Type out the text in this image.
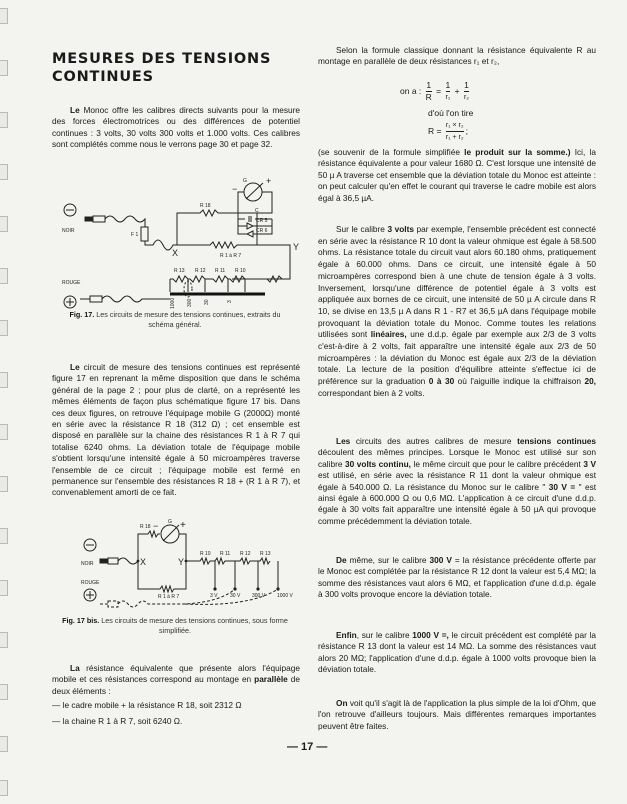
MESURES DES TENSIONS
CONTINUES

Le Monoc offre les calibres directs suivants pour la mesure des forces électromotrices ou des différences de potentiel continues : 3 volts, 30 volts 300 volts et 1.000 volts. Ces calibres sont complétés comme nous le verrons page 30 et page 32.

G
−
+
R 18
C
CR 5
CR 6
NOIR
F 1
X
Y
R 1 à R 7
R 13 R 12 R 11 R 10
ROUGE
1000 300 30	3
Fig. 17. Les circuits de mesure des tensions continues, extraits du schéma général.

Le circuit de mesure des tensions continues est représenté figure 17 en reprenant la même disposition que dans le schéma général de la page 2 ; pour plus de clarté, on a représenté les mêmes éléments de façon plus schématique figure 17 bis. Dans ces deux figures, on retrouve l'équipage mobile G (2000Ω) monté en série avec la résistance R 18 (312 Ω) ; cet ensemble est disposé en parallèle sur la chaine des résistances R 1 à R 7 qui totalise 6240 ohms. La déviation totale de l'équipage mobile s'obtient lorsqu'une intensité égale à 50 microampères traverse l'ensemble de ce circuit ; l'équipage mobile est fermé en permanence sur l'ensemble des résistances R 18 + (R 1 à R 7), et convenablement amorti de ce fait.

G
− +
R 18
NOIR	X	Y
R 1 à R 7
R 10 R 11 R 12 R 13
3 V 30 V 300 V 1000 V
ROUGE
Fig. 17 bis. Les circuits de mesure des tensions continues, sous forme simplifiée.

La résistance équivalente que présente alors l'équipage mobile et ces résistances correspond au montage en parallèle de deux éléments :

— le cadre mobile + la résistance R 18, soit 2312 Ω
— la chaine R 1 à R 7, soit 6240 Ω.

Selon la formule classique donnant la résistance équivalente R au montage en parallèle de deux résistances r₁ et r₂,

on a : $\frac{1}{R} = \frac{1}{\text{r₁}} + \frac{1}{\text{r₂}}$
d'où l'on tire
$R = \frac{\text{r₁ × r₂}}{\text{r₁ + r₂}}$ ;

(se souvenir de la formule simplifiée le produit sur la somme.) Ici, la résistance équivalente a pour valeur 1680 Ω. C'est lorsque une intensité de 50 µ A traverse cet ensemble que la déviation totale du Monoc est atteinte : on peut calculer qu'en effet le courant qui traverse le cadre mobile est alors égal à 36,5 µA.

Sur le calibre 3 volts par exemple, l'ensemble précédent est connecté en série avec la résistance R 10 dont la valeur ohmique est égale à 58.500 ohms. La résistance totale du circuit vaut alors 60.180 ohms, pratiquement égale à 60.000 ohms. Dans ce circuit, une intensité égale à 50 microampères correspond bien à une chute de tension égale à 3 volts. Inversement, lorsqu'une différence de potentiel égale à 3 volts est appliquée aux bornes de ce circuit, une intensité de 50 µ A circule dans R 10, se divise en 13,5 µ A dans R 1 - R7 et 36,5 µA dans l'équipage mobile provoquant la déviation totale du Monoc. Comme toutes les relations utilisées sont linéaires, une d.d.p. égale par exemple aux 2/3 de 3 volts c'est-à-dire à 2 volts, fait apparaître une intensité égale aux 2/3 de 50 microampères : la déviation du Monoc est égale aux 2/3 de la déviation totale. La lecture de la position d'équilibre atteinte s'effectue ici de préférence sur la graduation 0 à 30 où l'aiguille indique la chiffraison 20, correspondant bien à 2 volts.

Les circuits des autres calibres de mesure tensions continues découlent des mêmes principes. Lorsque le Monoc est utilisé sur son calibre 30 volts continu, le même circuit que pour le calibre précédent 3 V est utilisé, en série avec la résistance R 11 dont la valeur ohmique est égale à 540.000 Ω. La résistance du Monoc sur le calibre " 30 V = " est ainsi égale à 600.000 Ω ou 0,6 MΩ. L'application à ce circuit d'une d.d.p. égale à 30 volts fait apparaître une intensité égale à 50 µA qui provoque comme précédemment la déviation totale.

De même, sur le calibre 300 V = la résistance précédente offerte par le Monoc est complétée par la résistance R 12 dont la valeur est 5,4 MΩ; la somme des résistances vaut alors 6 MΩ, et l'application d'une d.d.p. égale à 300 volts provoque encore la déviation totale.

Enfin, sur le calibre 1000 V =, le circuit précédent est complété par la résistance R 13 dont la valeur est 14 MΩ. La somme des résistances vaut alors 20 MΩ; l'application d'une d.d.p. égale à 1000 volts provoque bien la déviation totale.

On voit qu'il s'agit là de l'application la plus simple de la loi d'Ohm, que l'on retrouve d'ailleurs toujours. Mais différentes remarques importantes peuvent être faites.

— 17 —
